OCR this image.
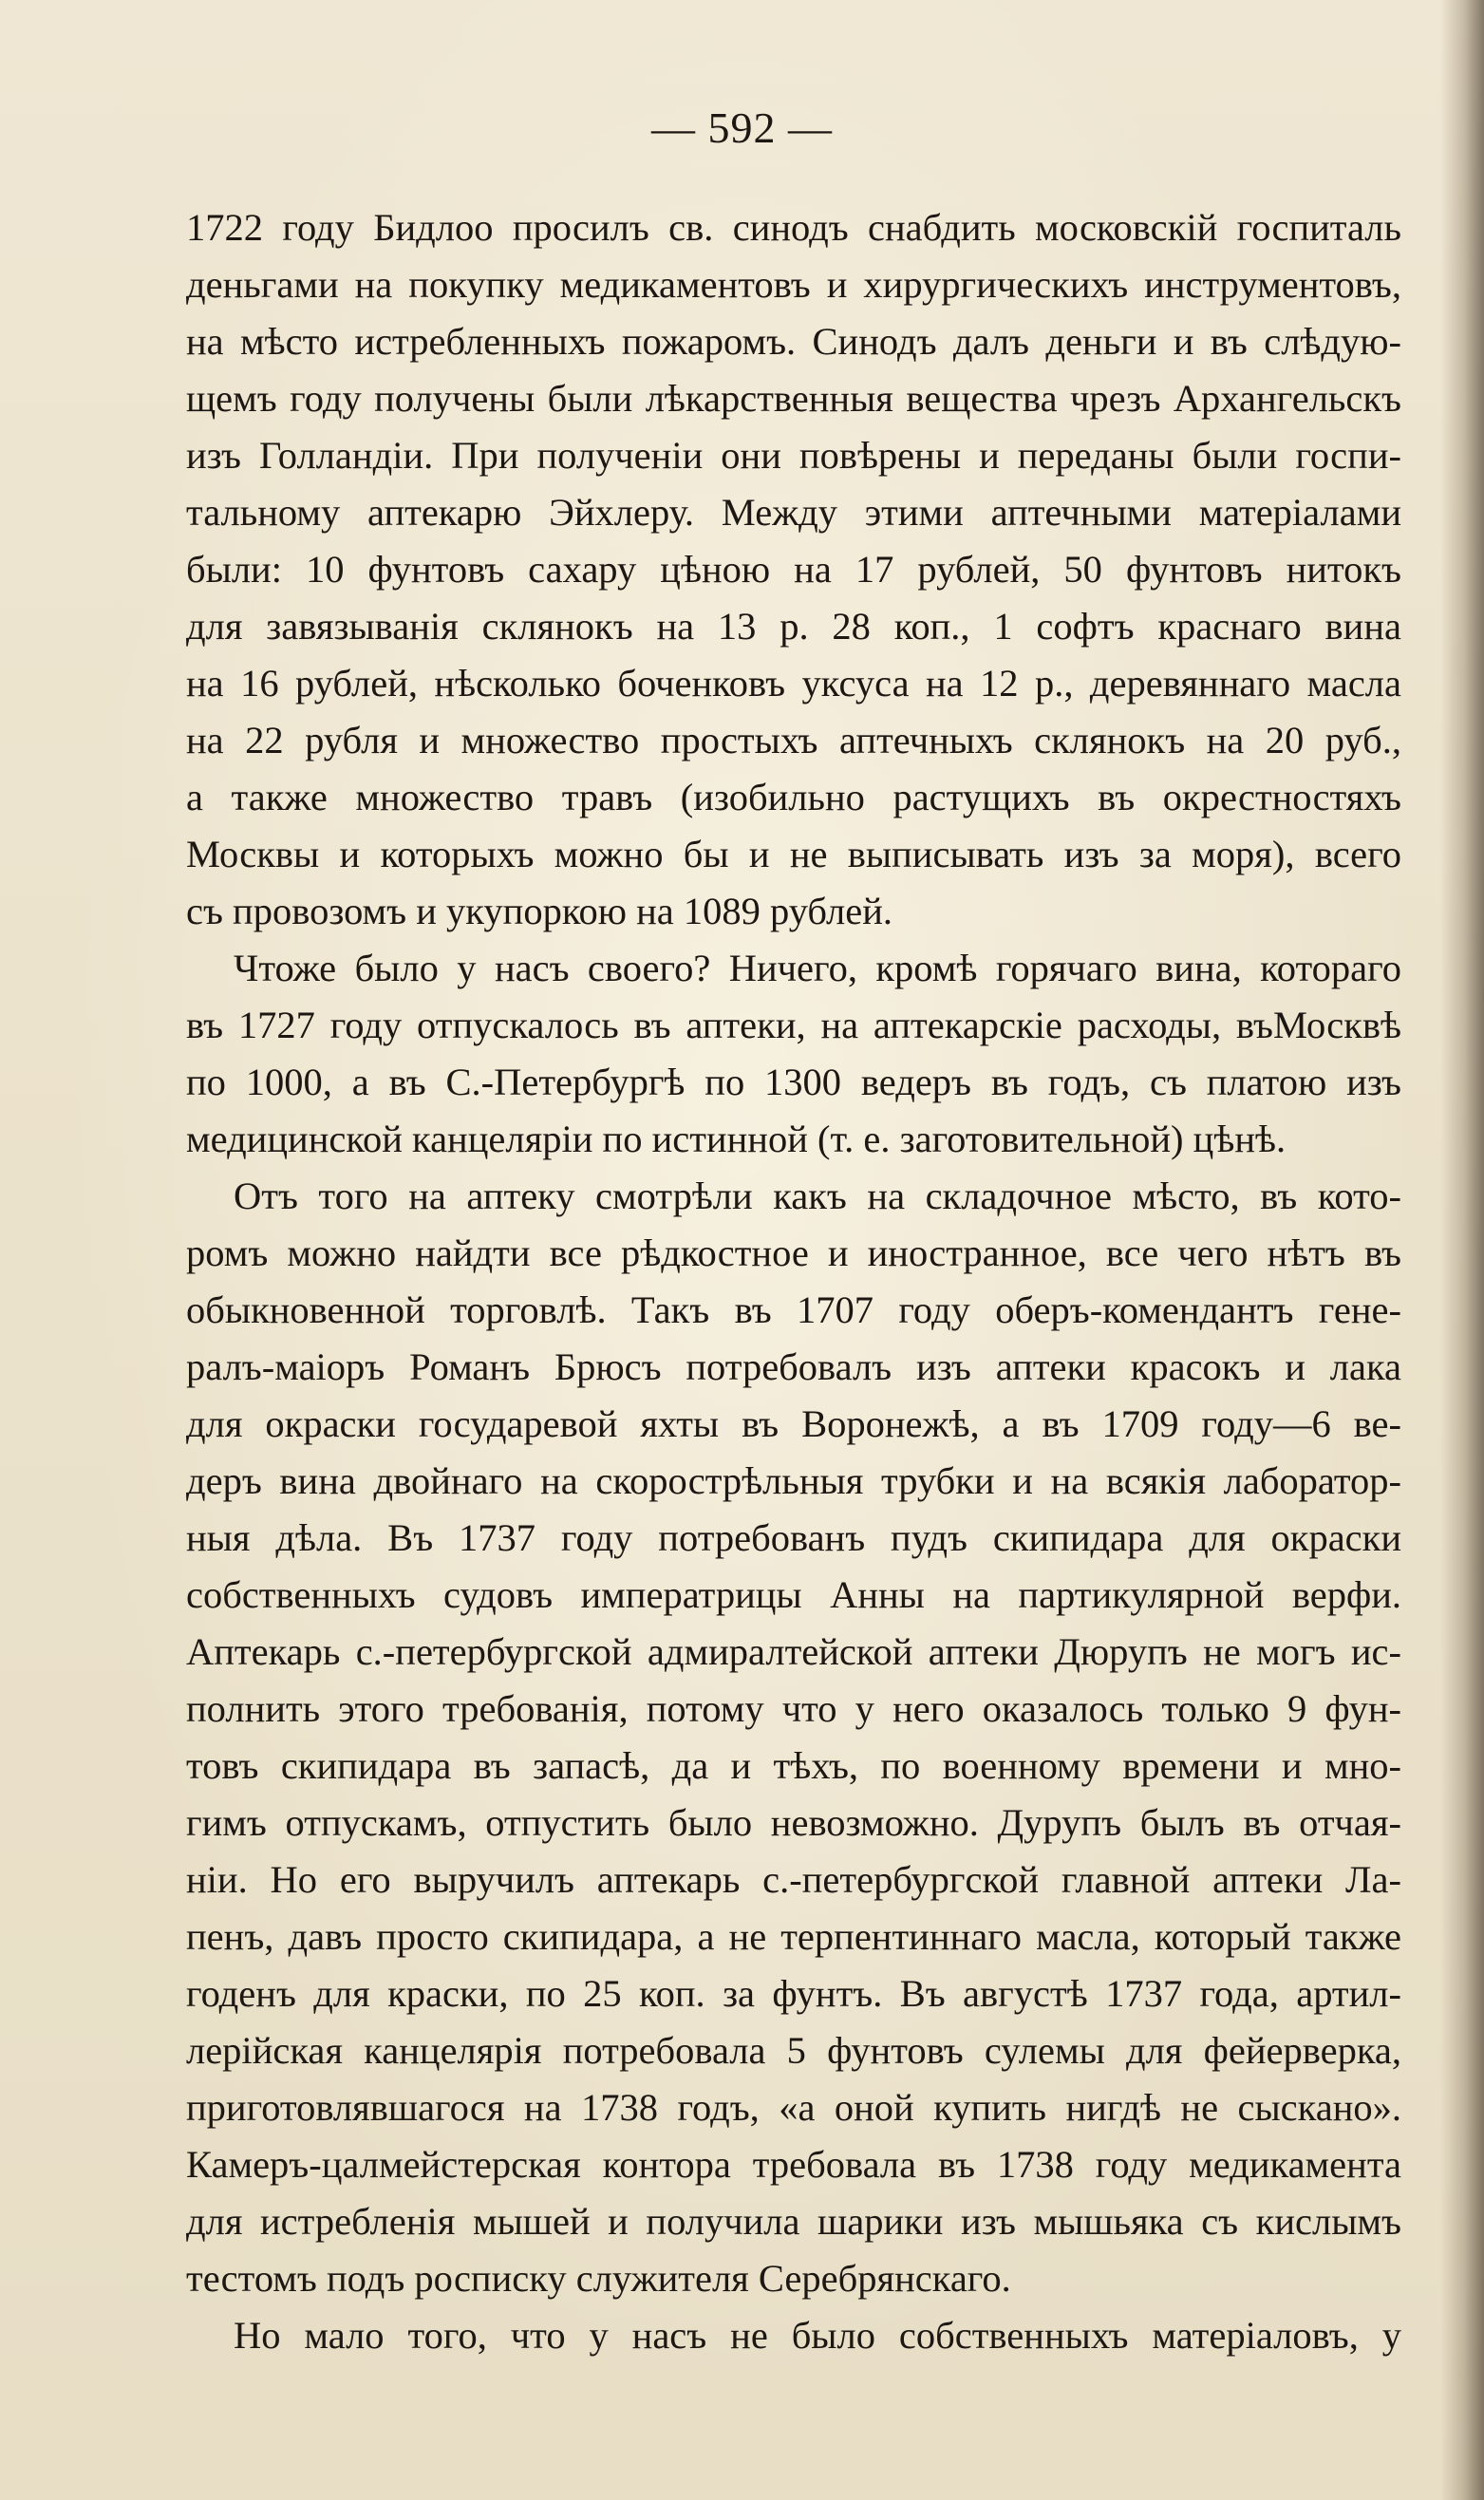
— 592 —
1722 году Бидлоо просилъ св. синодъ снабдить московскій госпиталь
деньгами на покупку медикаментовъ и хирургическихъ инструментовъ,
на мѣсто истребленныхъ пожаромъ. Синодъ далъ деньги и въ слѣдую-
щемъ году получены были лѣкарственныя вещества чрезъ Архангельскъ
изъ Голландіи. При полученіи они повѣрены и переданы были госпи-
тальному аптекарю Эйхлеру. Между этими аптечными матеріалами
были: 10 фунтовъ сахару цѣною на 17 рублей, 50 фунтовъ нитокъ
для завязыванія склянокъ на 13 р. 28 коп., 1 софтъ краснаго вина
на 16 рублей, нѣсколько боченковъ уксуса на 12 р., деревяннаго масла
на 22 рубля и множество простыхъ аптечныхъ склянокъ на 20 руб.,
а также множество травъ (изобильно растущихъ въ окрестностяхъ
Москвы и которыхъ можно бы и не выписывать изъ за моря), всего
съ провозомъ и укупоркою на 1089 рублей.
Чтоже было у насъ своего? Ничего, кромѣ горячаго вина, котораго
въ 1727 году отпускалось въ аптеки, на аптекарскіе расходы, въМосквѣ
по 1000, а въ С.-Петербургѣ по 1300 ведеръ въ годъ, съ платою изъ
медицинской канцеляріи по истинной (т. е. заготовительной) цѣнѣ.
Отъ того на аптеку смотрѣли какъ на складочное мѣсто, въ кото-
ромъ можно найдти все рѣдкостное и иностранное, все чего нѣтъ въ
обыкновенной торговлѣ. Такъ въ 1707 году оберъ-комендантъ гене-
ралъ-маіоръ Романъ Брюсъ потребовалъ изъ аптеки красокъ и лака
для окраски государевой яхты въ Воронежѣ, а въ 1709 году—6 ве-
деръ вина двойнаго на скорострѣльныя трубки и на всякія лаборатор-
ныя дѣла. Въ 1737 году потребованъ пудъ скипидара для окраски
собственныхъ судовъ императрицы Анны на партикулярной верфи.
Аптекарь с.-петербургской адмиралтейской аптеки Дюрупъ не могъ ис-
полнить этого требованія, потому что у него оказалось только 9 фун-
товъ скипидара въ запасѣ, да и тѣхъ, по военному времени и мно-
гимъ отпускамъ, отпустить было невозможно. Дурупъ былъ въ отчая-
ніи. Но его выручилъ аптекарь с.-петербургской главной аптеки Ла-
пенъ, давъ просто скипидара, а не терпентиннаго масла, который также
годенъ для краски, по 25 коп. за фунтъ. Въ августѣ 1737 года, артил-
лерійская канцелярія потребовала 5 фунтовъ сулемы для фейерверка,
приготовлявшагося на 1738 годъ, «а оной купить нигдѣ не сыскано».
Камеръ-цалмейстерская контора требовала въ 1738 году медикамента
для истребленія мышей и получила шарики изъ мышьяка съ кислымъ
тестомъ подъ росписку служителя Серебрянскаго.
Но мало того, что у насъ не было собственныхъ матеріаловъ, у
